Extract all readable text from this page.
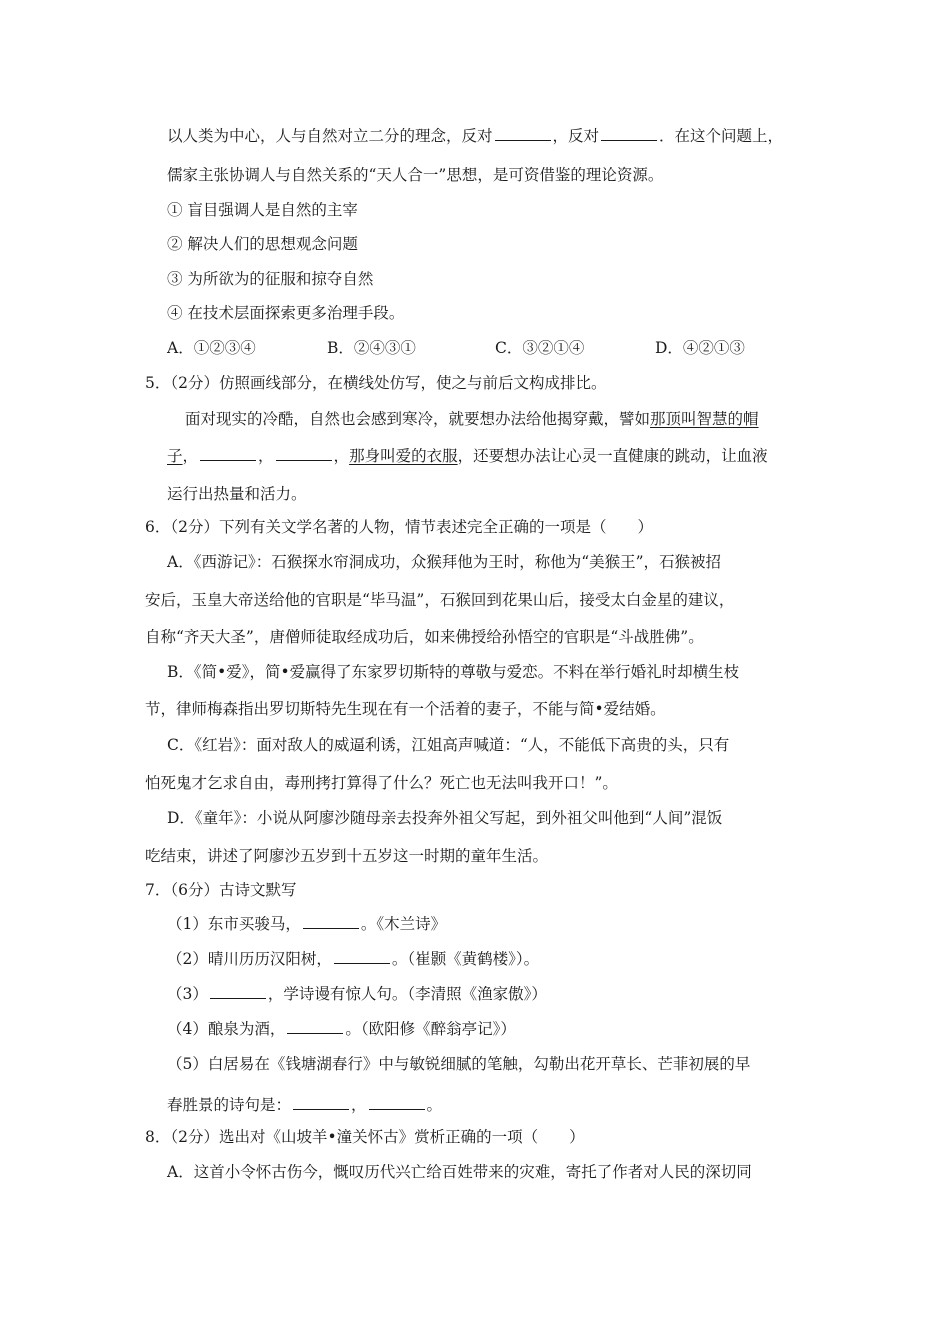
以人类为中心，人与自然对立二分的理念，反对	，反对	．在这个问题上，
儒家主张协调人与自然关系的“天人合一”思想，是可资借鉴的理论资源。
① 盲目强调人是自然的主宰
② 解决人们的思想观念问题
③ 为所欲为的征服和掠夺自然
④ 在技术层面探索更多治理手段。
A．①②③④	B．②④③①	C．③②①④	D．④②①③
5．（2分）仿照画线部分，在横线处仿写，使之与前后文构成排比。
面对现实的冷酷，自然也会感到寒冷，就要想办法给他揭穿戴，譬如那顶叫智慧的帽
子，	，	，那身叫爱的衣服，还要想办法让心灵一直健康的跳动，让血液
运行出热量和活力。
6．（2分）下列有关文学名著的人物，情节表述完全正确的一项是（　　）
A．《西游记》：石猴探水帘洞成功，众猴拜他为王时，称他为“美猴王”，石猴被招
安后，玉皇大帝送给他的官职是“毕马温”，石猴回到花果山后，接受太白金星的建议，
自称“齐天大圣”，唐僧师徒取经成功后，如来佛授给孙悟空的官职是“斗战胜佛”。
B．《简•爱》，简•爱赢得了东家罗切斯特的尊敬与爱恋。不料在举行婚礼时却横生枝
节，律师梅森指出罗切斯特先生现在有一个活着的妻子，不能与简•爱结婚。
C．《红岩》：面对敌人的威逼利诱，江姐高声喊道：“人，不能低下高贵的头，只有
怕死鬼才乞求自由，毒刑拷打算得了什么？死亡也无法叫我开口！”。
D．《童年》：小说从阿廖沙随母亲去投奔外祖父写起，到外祖父叫他到“人间”混饭
吃结束，讲述了阿廖沙五岁到十五岁这一时期的童年生活。
7．（6分）古诗文默写
（1）东市买骏马，	。《木兰诗》
（2）晴川历历汉阳树，	。（崔颢《黄鹤楼》）。
（3）	，学诗谩有惊人句。（李清照《渔家傲》）
（4）酿泉为酒，	。（欧阳修《醉翁亭记》）
（5）白居易在《钱塘湖春行》中与敏锐细腻的笔触，勾勒出花开草长、芒菲初展的早
春胜景的诗句是：	，	。
8．（2分）选出对《山坡羊•潼关怀古》赏析正确的一项（　　）
A．这首小令怀古伤今，慨叹历代兴亡给百姓带来的灾难，寄托了作者对人民的深切同
